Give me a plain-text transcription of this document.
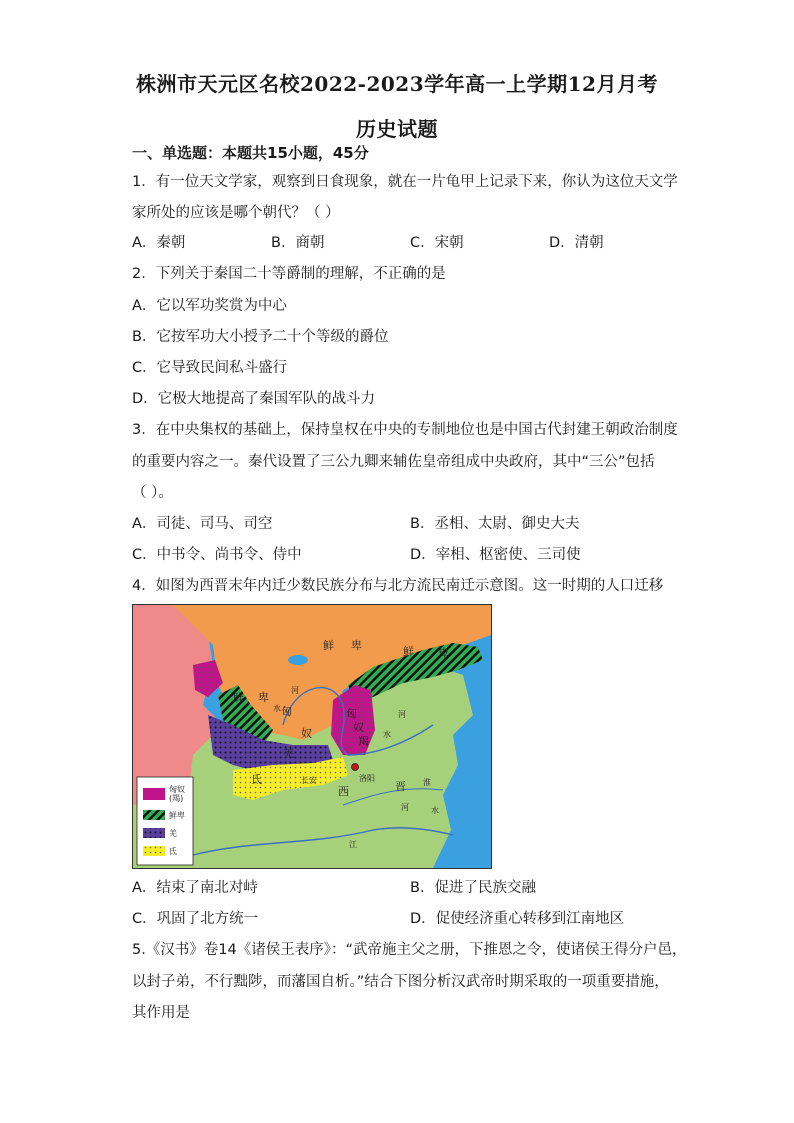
株洲市天元区名校2022-2023学年高一上学期12月月考
历史试题
一、单选题：本题共15小题，45分
1．有一位天文学家，观察到日食现象，就在一片龟甲上记录下来，你认为这位天文学
家所处的应该是哪个朝代？（ ）
A．秦朝	B．商朝	C．宋朝	D．清朝
2．下列关于秦国二十等爵制的理解，不正确的是
A．它以军功奖赏为中心
B．它按军功大小授予二十个等级的爵位
C．它导致民间私斗盛行
D．它极大地提高了秦国军队的战斗力
3．在中央集权的基础上，保持皇权在中央的专制地位也是中国古代封建王朝政治制度
的重要内容之一。秦代设置了三公九卿来辅佐皇帝组成中央政府，其中“三公”包括
（ ）。
A．司徒、司马、司空	B．丞相、太尉、御史大夫
C．中书令、尚书令、侍中	D．宰相、枢密使、三司使
4．如图为西晋末年内迁少数民族分布与北方流民南迁示意图。这一时期的人口迁移
鲜 卑	鲜 卑
鲜 卑
匈
奴
匈
奴
羯
羌
氐
西	晋
洛阳
长安
河
水
河
水
江
淮
河	水
匈奴
(羯)
鲜卑
羌
氐
A．结束了南北对峙	B．促进了民族交融
C．巩固了北方统一	D．促使经济重心转移到江南地区
5.《汉书》卷14《诸侯王表序》：“武帝施主父之册，下推恩之令，使诸侯王得分户邑，
以封子弟，不行黜陟，而藩国自析。”结合下图分析汉武帝时期采取的一项重要措施，
其作用是
